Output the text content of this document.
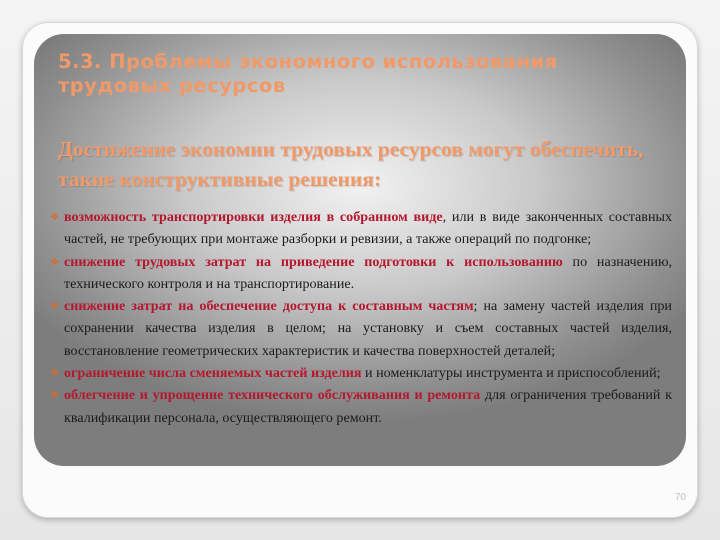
5.3. Проблемы экономного использования трудовых ресурсов
Достижение экономии трудовых ресурсов могут обеспечить, такие конструктивные решения:
❖ возможность транспортировки изделия в собранном виде, или в виде законченных составных частей, не требующих при монтаже разборки и ревизии, а также операций по подгонке;
❖ снижение трудовых затрат на приведение подготовки к использованию по назначению, технического контроля и на транспортирование.
❖ снижение затрат на обеспечение доступа к составным частям; на замену частей изделия при сохранении качества изделия в целом; на установку и съем составных частей изделия, восстановление геометрических характеристик и качества поверхностей деталей;
❖ ограничение числа сменяемых частей изделия и номенклатуры инструмента и приспособлений;
❖ облегчение и упрощение технического обслуживания и ремонта для ограничения требований к квалификации персонала, осуществляющего ремонт.
70
